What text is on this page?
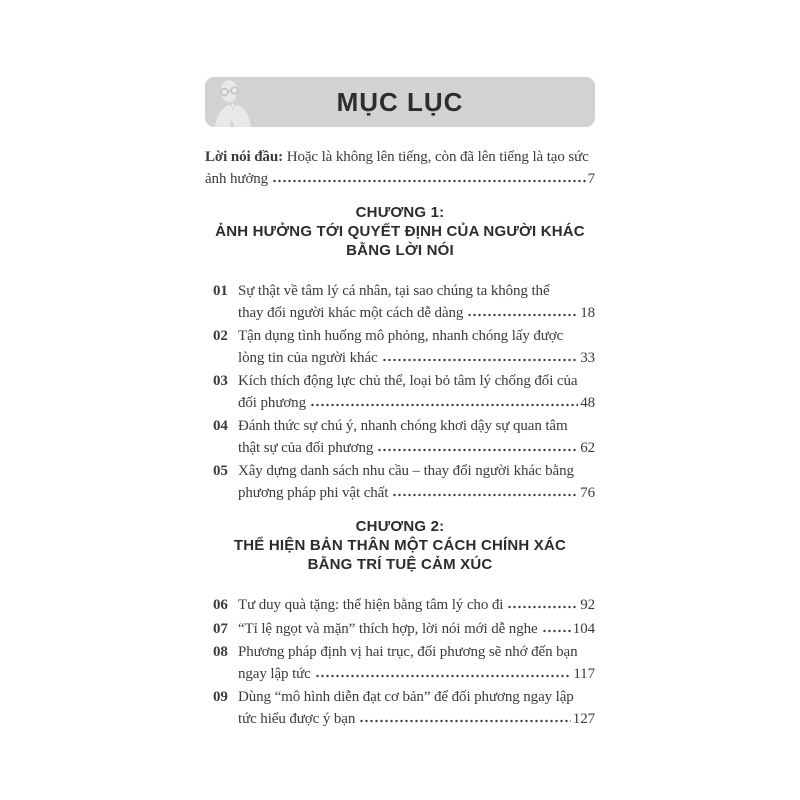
MỤC LỤC
Lời nói đầu: Hoặc là không lên tiếng, còn đã lên tiếng là tạo sức
ảnh hưởng	7
CHƯƠNG 1:
ẢNH HƯỞNG TỚI QUYẾT ĐỊNH CỦA NGƯỜI KHÁC
BẰNG LỜI NÓI
01 Sự thật về tâm lý cá nhân, tại sao chúng ta không thể
thay đổi người khác một cách dễ dàng	18
02 Tận dụng tình huống mô phỏng, nhanh chóng lấy được
lòng tin của người khác	33
03 Kích thích động lực chủ thể, loại bỏ tâm lý chống đối của
đối phương	48
04 Đánh thức sự chú ý, nhanh chóng khơi dậy sự quan tâm
thật sự của đối phương	62
05 Xây dựng danh sách nhu cầu – thay đổi người khác bằng
phương pháp phi vật chất	76
CHƯƠNG 2:
THỂ HIỆN BẢN THÂN MỘT CÁCH CHÍNH XÁC
BẰNG TRÍ TUỆ CẢM XÚC
06 Tư duy quà tặng: thể hiện bằng tâm lý cho đi	92
07 “Tỉ lệ ngọt và mặn” thích hợp, lời nói mới dễ nghe 104
08 Phương pháp định vị hai trục, đối phương sẽ nhớ đến bạn
ngay lập tức	117
09 Dùng “mô hình diễn đạt cơ bản” để đối phương ngay lập
tức hiểu được ý bạn	127
